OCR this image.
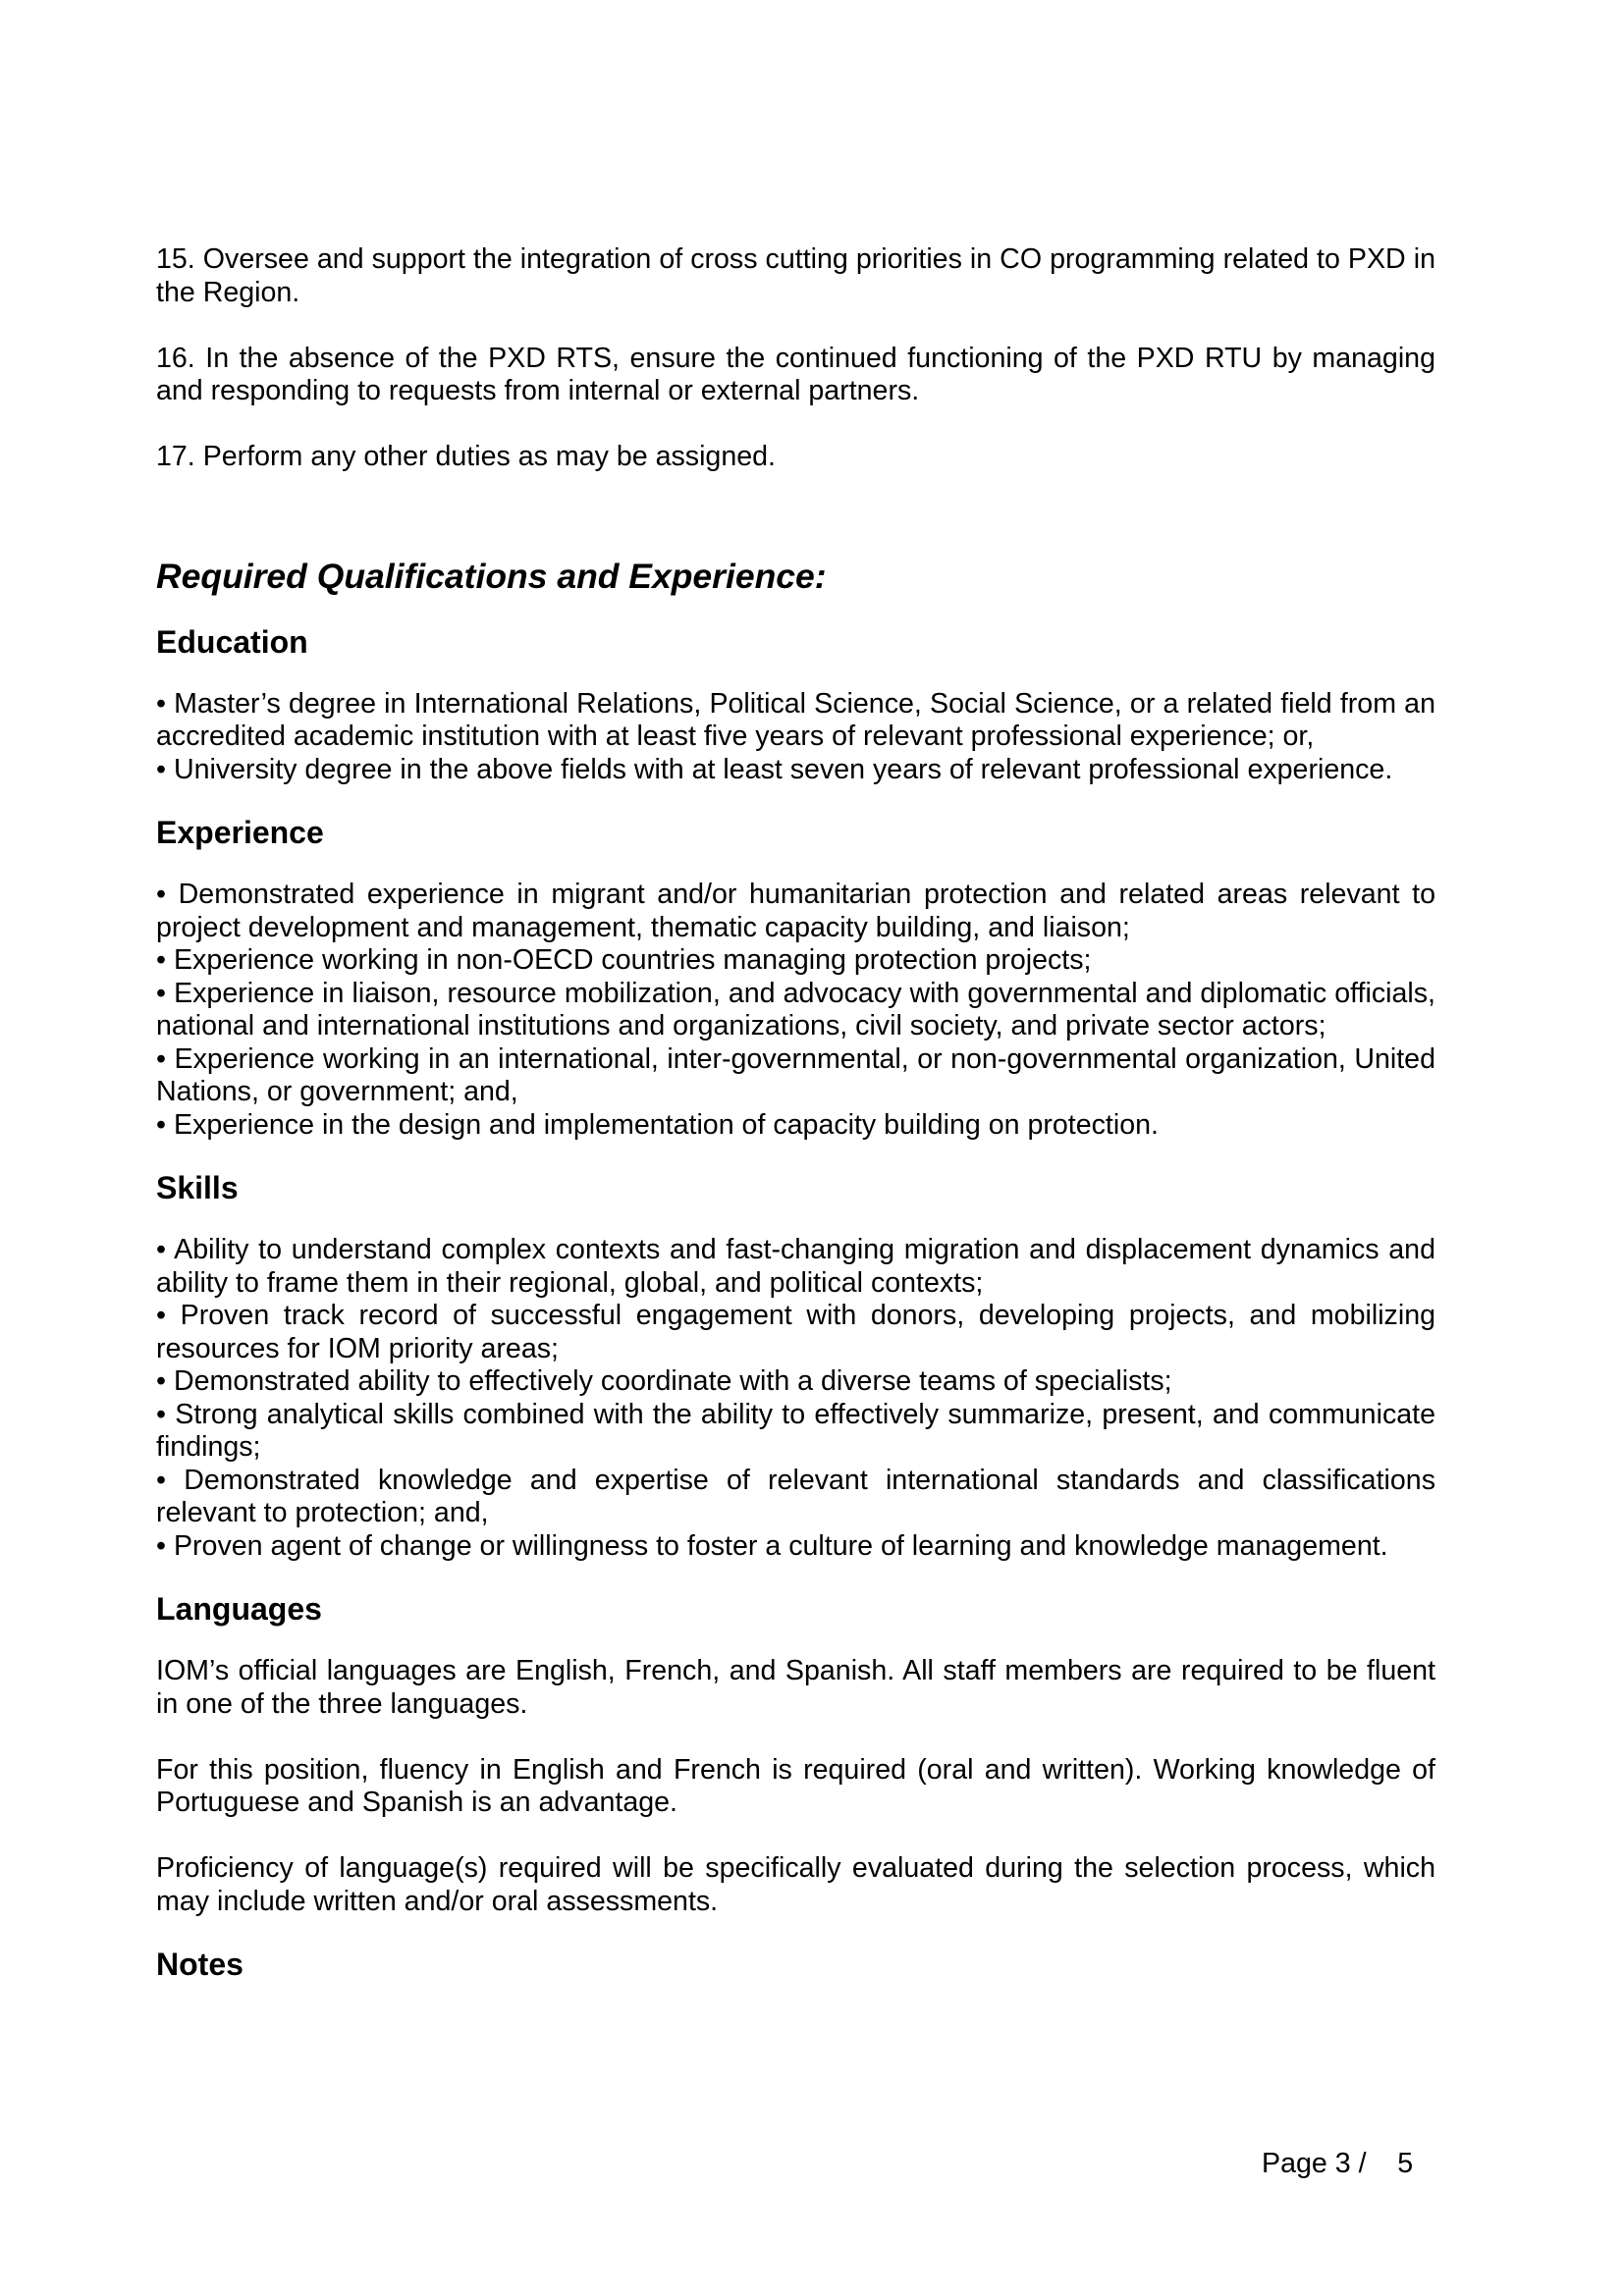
15. Oversee and support the integration of cross cutting priorities in CO programming related to PXD in the Region.

16. In the absence of the PXD RTS, ensure the continued functioning of the PXD RTU by managing and responding to requests from internal or external partners.

17. Perform any other duties as may be assigned.

Required Qualifications and Experience:
Education
• Master’s degree in International Relations, Political Science, Social Science, or a related field from an accredited academic institution with at least five years of relevant professional experience; or,
• University degree in the above fields with at least seven years of relevant professional experience.
Experience
• Demonstrated experience in migrant and/or humanitarian protection and related areas relevant to project development and management, thematic capacity building, and liaison;
• Experience working in non-OECD countries managing protection projects;
• Experience in liaison, resource mobilization, and advocacy with governmental and diplomatic officials, national and international institutions and organizations, civil society, and private sector actors;
• Experience working in an international, inter-governmental, or non-governmental organization, United Nations, or government; and,
• Experience in the design and implementation of capacity building on protection.
Skills
• Ability to understand complex contexts and fast-changing migration and displacement dynamics and ability to frame them in their regional, global, and political contexts;
• Proven track record of successful engagement with donors, developing projects, and mobilizing resources for IOM priority areas;
• Demonstrated ability to effectively coordinate with a diverse teams of specialists;
• Strong analytical skills combined with the ability to effectively summarize, present, and communicate findings;
• Demonstrated knowledge and expertise of relevant international standards and classifications relevant to protection; and,
• Proven agent of change or willingness to foster a culture of learning and knowledge management.
Languages

IOM’s official languages are English, French, and Spanish. All staff members are required to be fluent in one of the three languages.

For this position, fluency in English and French is required (oral and written). Working knowledge of Portuguese and Spanish is an advantage.

Proficiency of language(s) required will be specifically evaluated during the selection process, which may include written and/or oral assessments.

Notes
Page 3 /    5
